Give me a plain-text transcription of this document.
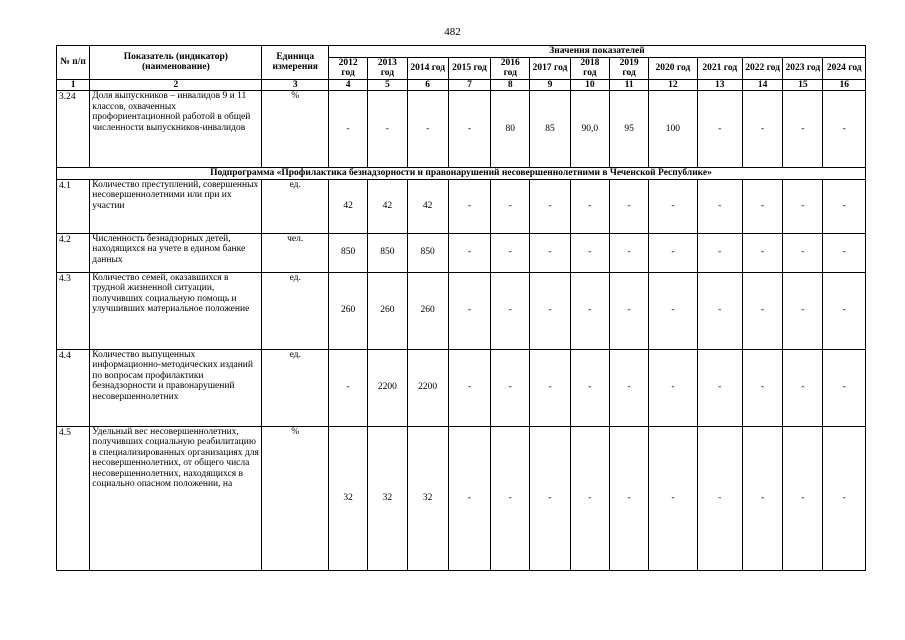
482
№ п/п	Показатель (индикатор) (наименование)	Единица измерения	Значения показателей												
			2012 год	2013 год	2014 год	2015 год	2016 год	2017 год	2018 год	2019 год	2020 год	2021 год	2022 год	2023 год	2024 год
1	2	3	4	5	6	7	8	9	10	11	12	13	14	15	16
3.24	Доля выпускников – инвалидов 9 и 11 классов, охваченных профориентационной работой в общей численности выпускников-инвалидов	%	-	-	-	-	80	85	90,0	95	100	-	-	-	-
Подпрограмма «Профилактика безнадзорности и правонарушений несовершеннолетними в Чеченской Республике»															
4.1	Количество преступлений, совершенных несовершеннолетними или при их участии	ед.	42	42	42	-	-	-	-	-	-	-	-	-	-
4.2	Численность безнадзорных детей, находящихся на учете в едином банке данных	чел.	850	850	850	-	-	-	-	-	-	-	-	-	-
4.3	Количество семей, оказавшихся в трудной жизненной ситуации, получивших социальную помощь и улучшивших материальное положение	ед.	260	260	260	-	-	-	-	-	-	-	-	-	-
4.4	Количество выпущенных информационно-методических изданий по вопросам профилактики безнадзорности и правонарушений несовершеннолетних	ед.	-	2200	2200	-	-	-	-	-	-	-	-	-	-
4.5	Удельный вес несовершеннолетних, получивших социальную реабилитацию в специализированных организациях для несовершеннолетних, от общего числа несовершеннолетних, находящихся в социально опасном положении, на	%	32	32	32	-	-	-	-	-	-	-	-	-	-
